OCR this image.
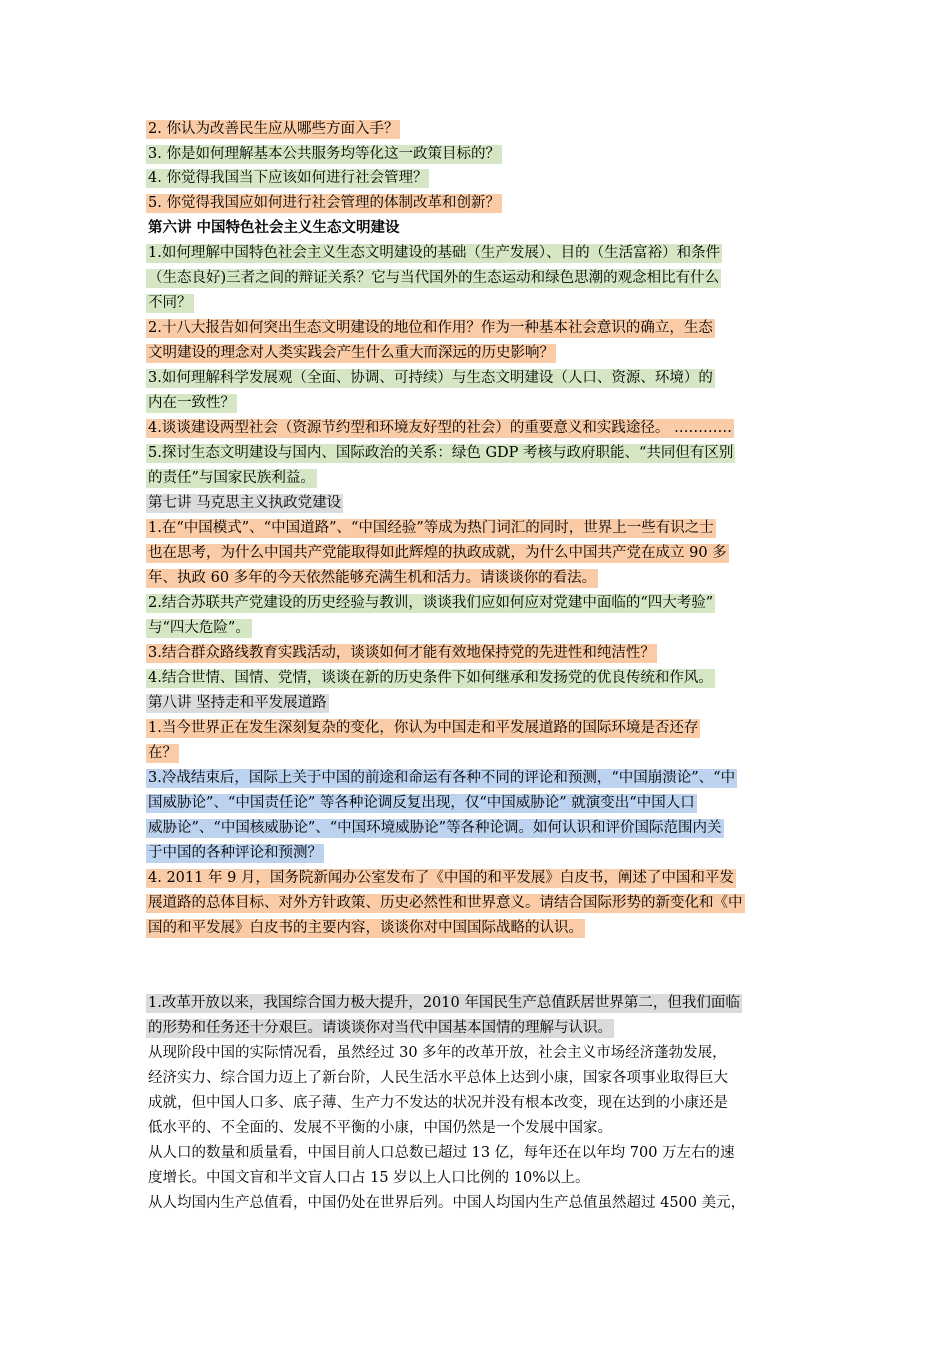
2. 你认为改善民生应从哪些方面入手？
3. 你是如何理解基本公共服务均等化这一政策目标的？
4. 你觉得我国当下应该如何进行社会管理？
5. 你觉得我国应如何进行社会管理的体制改革和创新？
第六讲 中国特色社会主义生态文明建设
1.如何理解中国特色社会主义生态文明建设的基础（生产发展）、目的（生活富裕）和条件
（生态良好)三者之间的辩证关系？它与当代国外的生态运动和绿色思潮的观念相比有什么
不同？
2.十八大报告如何突出生态文明建设的地位和作用？作为一种基本社会意识的确立，生态
文明建设的理念对人类实践会产生什么重大而深远的历史影响？
3.如何理解科学发展观（全面、协调、可持续）与生态文明建设（人口、资源、环境）的
内在一致性？
4.谈谈建设两型社会（资源节约型和环境友好型的社会）的重要意义和实践途径。 …………
5.探讨生态文明建设与国内、国际政治的关系：绿色 GDP 考核与政府职能、“共同但有区别
的责任”与国家民族利益。
第七讲 马克思主义执政党建设
1.在“中国模式”、“中国道路”、“中国经验”等成为热门词汇的同时，世界上一些有识之士
也在思考，为什么中国共产党能取得如此辉煌的执政成就，为什么中国共产党在成立 90 多
年、执政 60 多年的今天依然能够充满生机和活力。请谈谈你的看法。
2.结合苏联共产党建设的历史经验与教训，谈谈我们应如何应对党建中面临的“四大考验”
与“四大危险”。
3.结合群众路线教育实践活动，谈谈如何才能有效地保持党的先进性和纯洁性？
4.结合世情、国情、党情，谈谈在新的历史条件下如何继承和发扬党的优良传统和作风。
第八讲 坚持走和平发展道路
1.当今世界正在发生深刻复杂的变化，你认为中国走和平发展道路的国际环境是否还存
在？
3.冷战结束后，国际上关于中国的前途和命运有各种不同的评论和预测，“中国崩溃论”、“中
国威胁论”、“中国责任论” 等各种论调反复出现，仅“中国威胁论” 就演变出“中国人口
威胁论”、“中国核威胁论”、“中国环境威胁论”等各种论调。如何认识和评价国际范围内关
于中国的各种评论和预测？
4. 2011 年 9 月，国务院新闻办公室发布了《中国的和平发展》白皮书，阐述了中国和平发
展道路的总体目标、对外方针政策、历史必然性和世界意义。请结合国际形势的新变化和《中
国的和平发展》白皮书的主要内容，谈谈你对中国国际战略的认识。
1.改革开放以来，我国综合国力极大提升，2010 年国民生产总值跃居世界第二，但我们面临
的形势和任务还十分艰巨。请谈谈你对当代中国基本国情的理解与认识。
从现阶段中国的实际情况看，虽然经过 30 多年的改革开放，社会主义市场经济蓬勃发展，
经济实力、综合国力迈上了新台阶，人民生活水平总体上达到小康，国家各项事业取得巨大
成就，但中国人口多、底子薄、生产力不发达的状况并没有根本改变，现在达到的小康还是
低水平的、不全面的、发展不平衡的小康，中国仍然是一个发展中国家。
从人口的数量和质量看，中国目前人口总数已超过 13 亿，每年还在以年均 700 万左右的速
度增长。中国文盲和半文盲人口占 15 岁以上人口比例的 10%以上。
从人均国内生产总值看，中国仍处在世界后列。中国人均国内生产总值虽然超过 4500 美元，
